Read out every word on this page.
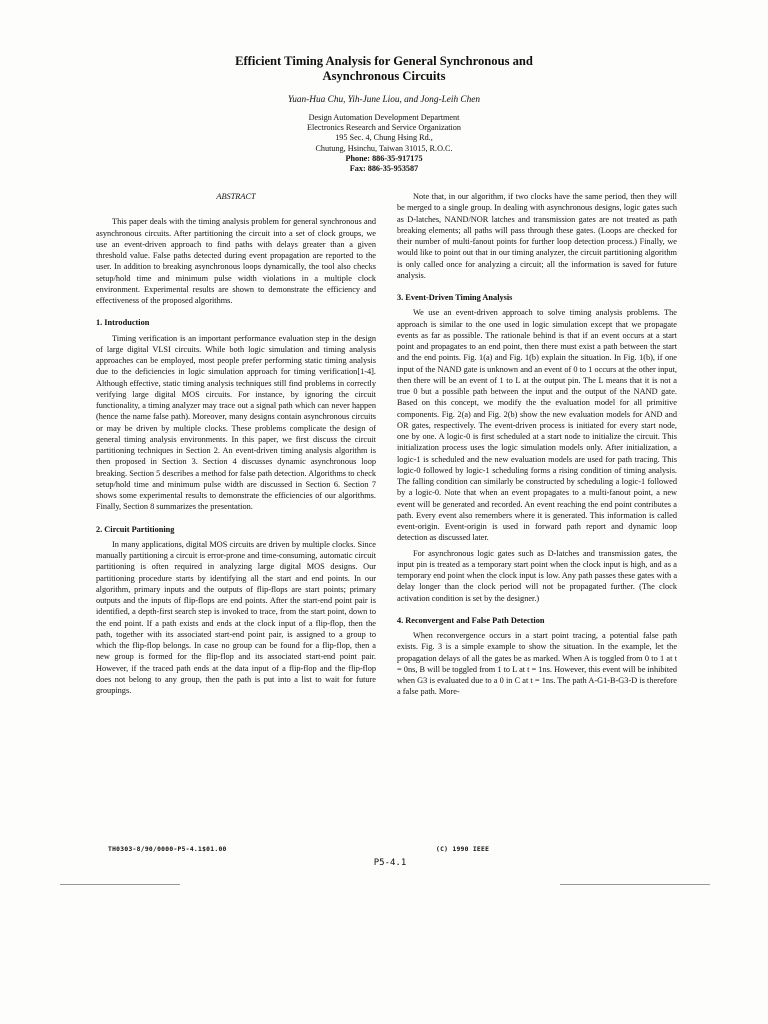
Efficient Timing Analysis for General Synchronous and
Asynchronous Circuits
Yuan-Hua Chu, Yih-June Liou, and Jong-Leih Chen
Design Automation Development Department
Electronics Research and Service Organization
195 Sec. 4, Chung Hsing Rd.,
Chutung, Hsinchu, Taiwan 31015, R.O.C.
Phone: 886-35-917175
Fax: 886-35-953587
ABSTRACT

This paper deals with the timing analysis problem for general synchronous and asynchronous circuits. After partitioning the circuit into a set of clock groups, we use an event-driven approach to find paths with delays greater than a given threshold value. False paths detected during event propagation are reported to the user. In addition to breaking asynchronous loops dynamically, the tool also checks setup/hold time and minimum pulse width violations in a multiple clock environment. Experimental results are shown to demonstrate the efficiency and effectiveness of the proposed algorithms.

1. Introduction

Timing verification is an important performance evaluation step in the design of large digital VLSI circuits. While both logic simulation and timing analysis approaches can be employed, most people prefer performing static timing analysis due to the deficiencies in logic simulation approach for timing verification[1-4]. Although effective, static timing analysis techniques still find problems in correctly verifying large digital MOS circuits. For instance, by ignoring the circuit functionality, a timing analyzer may trace out a signal path which can never happen (hence the name false path). Moreover, many designs contain asynchronous circuits or may be driven by multiple clocks. These problems complicate the design of general timing analysis environments. In this paper, we first discuss the circuit partitioning techniques in Section 2. An event-driven timing analysis algorithm is then proposed in Section 3. Section 4 discusses dynamic asynchronous loop breaking. Section 5 describes a method for false path detection. Algorithms to check setup/hold time and minimum pulse width are discussed in Section 6. Section 7 shows some experimental results to demonstrate the efficiencies of our algorithms. Finally, Section 8 summarizes the presentation.

2. Circuit Partitioning

In many applications, digital MOS circuits are driven by multiple clocks. Since manually partitioning a circuit is error-prone and time-consuming, automatic circuit partitioning is often required in analyzing large digital MOS designs. Our partitioning procedure starts by identifying all the start and end points. In our algorithm, primary inputs and the outputs of flip-flops are start points; primary outputs and the inputs of flip-flops are end points. After the start-end point pair is identified, a depth-first search step is invoked to trace, from the start point, down to the end point. If a path exists and ends at the clock input of a flip-flop, then the path, together with its associated start-end point pair, is assigned to a group to which the flip-flop belongs. In case no group can be found for a flip-flop, then a new group is formed for the flip-flop and its associated start-end point pair. However, if the traced path ends at the data input of a flip-flop and the flip-flop does not belong to any group, then the path is put into a list to wait for future groupings.

Note that, in our algorithm, if two clocks have the same period, then they will be merged to a single group. In dealing with asynchronous designs, logic gates such as D-latches, NAND/NOR latches and transmission gates are not treated as path breaking elements; all paths will pass through these gates. (Loops are checked for their number of multi-fanout points for further loop detection process.) Finally, we would like to point out that in our timing analyzer, the circuit partitioning algorithm is only called once for analyzing a circuit; all the information is saved for future analysis.

3. Event-Driven Timing Analysis

We use an event-driven approach to solve timing analysis problems. The approach is similar to the one used in logic simulation except that we propagate events as far as possible. The rationale behind is that if an event occurs at a start point and propagates to an end point, then there must exist a path between the start and the end points. Fig. 1(a) and Fig. 1(b) explain the situation. In Fig. 1(b), if one input of the NAND gate is unknown and an event of 0 to 1 occurs at the other input, then there will be an event of 1 to L at the output pin. The L means that it is not a true 0 but a possible path between the input and the output of the NAND gate. Based on this concept, we modify the the evaluation model for all primitive components. Fig. 2(a) and Fig. 2(b) show the new evaluation models for AND and OR gates, respectively. The event-driven process is initiated for every start node, one by one. A logic-0 is first scheduled at a start node to initialize the circuit. This initialization process uses the logic simulation models only. After initialization, a logic-1 is scheduled and the new evaluation models are used for path tracing. This logic-0 followed by logic-1 scheduling forms a rising condition of timing analysis. The falling condition can similarly be constructed by scheduling a logic-1 followed by a logic-0. Note that when an event propagates to a multi-fanout point, a new event will be generated and recorded. An event reaching the end point contributes a path. Every event also remembers where it is generated. This information is called event-origin. Event-origin is used in forward path report and dynamic loop detection as discussed later.

For asynchronous logic gates such as D-latches and transmission gates, the input pin is treated as a temporary start point when the clock input is high, and as a temporary end point when the clock input is low. Any path passes these gates with a delay longer than the clock period will not be propagated further. (The clock activation condition is set by the designer.)

4. Reconvergent and False Path Detection

When reconvergence occurs in a start point tracing, a potential false path exists. Fig. 3 is a simple example to show the situation. In the example, let the propagation delays of all the gates be as marked. When A is toggled from 0 to 1 at t = 0ns, B will be toggled from 1 to L at t = 1ns. However, this event will be inhibited when G3 is evaluated due to a 0 in C at t = 1ns. The path A-G1-B-G3-D is therefore a false path. More-

TH0303-8/90/0000-P5-4.1$01.00	(C) 1990 IEEE
P5-4.1
